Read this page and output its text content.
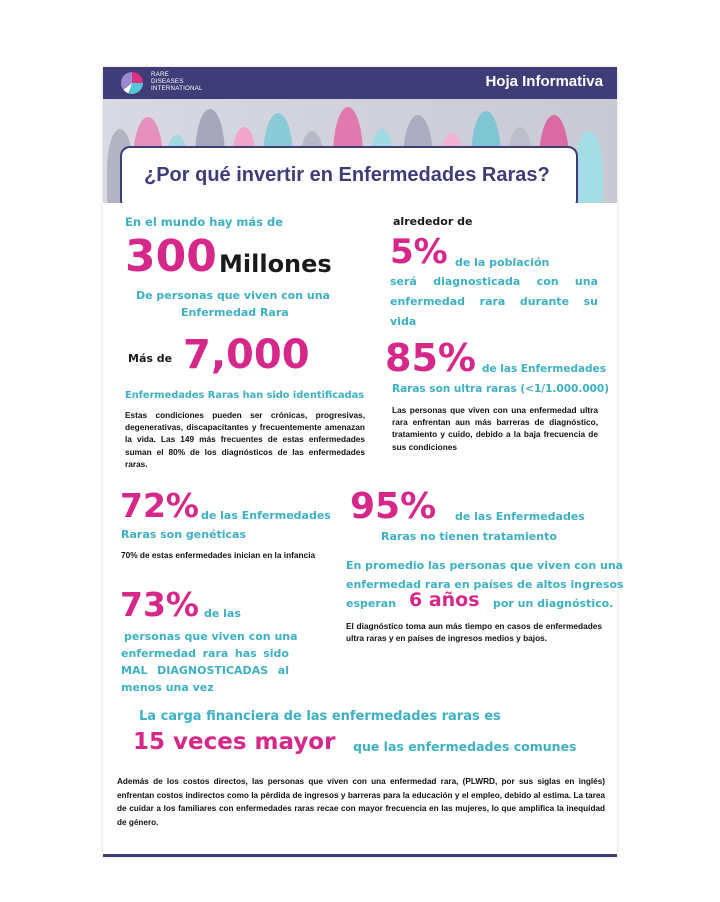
RARE
DISEASES
INTERNATIONAL	Hoja Informativa
¿Por qué invertir en Enfermedades Raras?
En el mundo hay más de
300 Millones
De personas que viven con una
Enfermedad Rara
alrededor de
5% de la población
será diagnosticada con una
enfermedad rara durante su
vida
Más de 7,000
Enfermedades Raras han sido identificadas
Estas condiciones pueden ser crónicas, progresivas, degenerativas, discapacitantes y frecuentemente amenazan la vida. Las 149 más frecuentes de estas enfermedades suman el 80% de los diagnósticos de las enfermedades raras.
85% de las Enfermedades
Raras son ultra raras (<1/1.000.000)
Las personas que viven con una enfermedad ultra rara enfrentan aun más barreras de diagnóstico, tratamiento y cuido, debido a la baja frecuencia de sus condiciones
72% de las Enfermedades
Raras son genéticas
70% de estas enfermedades inician en la infancia
95% de las Enfermedades
Raras no tienen tratamiento
En promedio las personas que viven con una
enfermedad rara en países de altos ingresos
esperan 6 años por un diagnóstico.
El diagnóstico toma aun más tiempo en casos de enfermedades ultra raras y en países de ingresos medios y bajos.
73% de las
personas que viven con una
enfermedad rara has sido
MAL DIAGNOSTICADAS al
menos una vez
La carga financiera de las enfermedades raras es
15 veces mayor que las enfermedades comunes
Además de los costos directos, las personas que viven con una enfermedad rara, (PLWRD, por sus siglas en inglés) enfrentan costos indirectos como la pérdida de ingresos y barreras para la educación y el empleo, debido al estima. La tarea de cuidar a los familiares con enfermedades raras recae con mayor frecuencia en las mujeres, lo que amplifica la inequidad de género.
